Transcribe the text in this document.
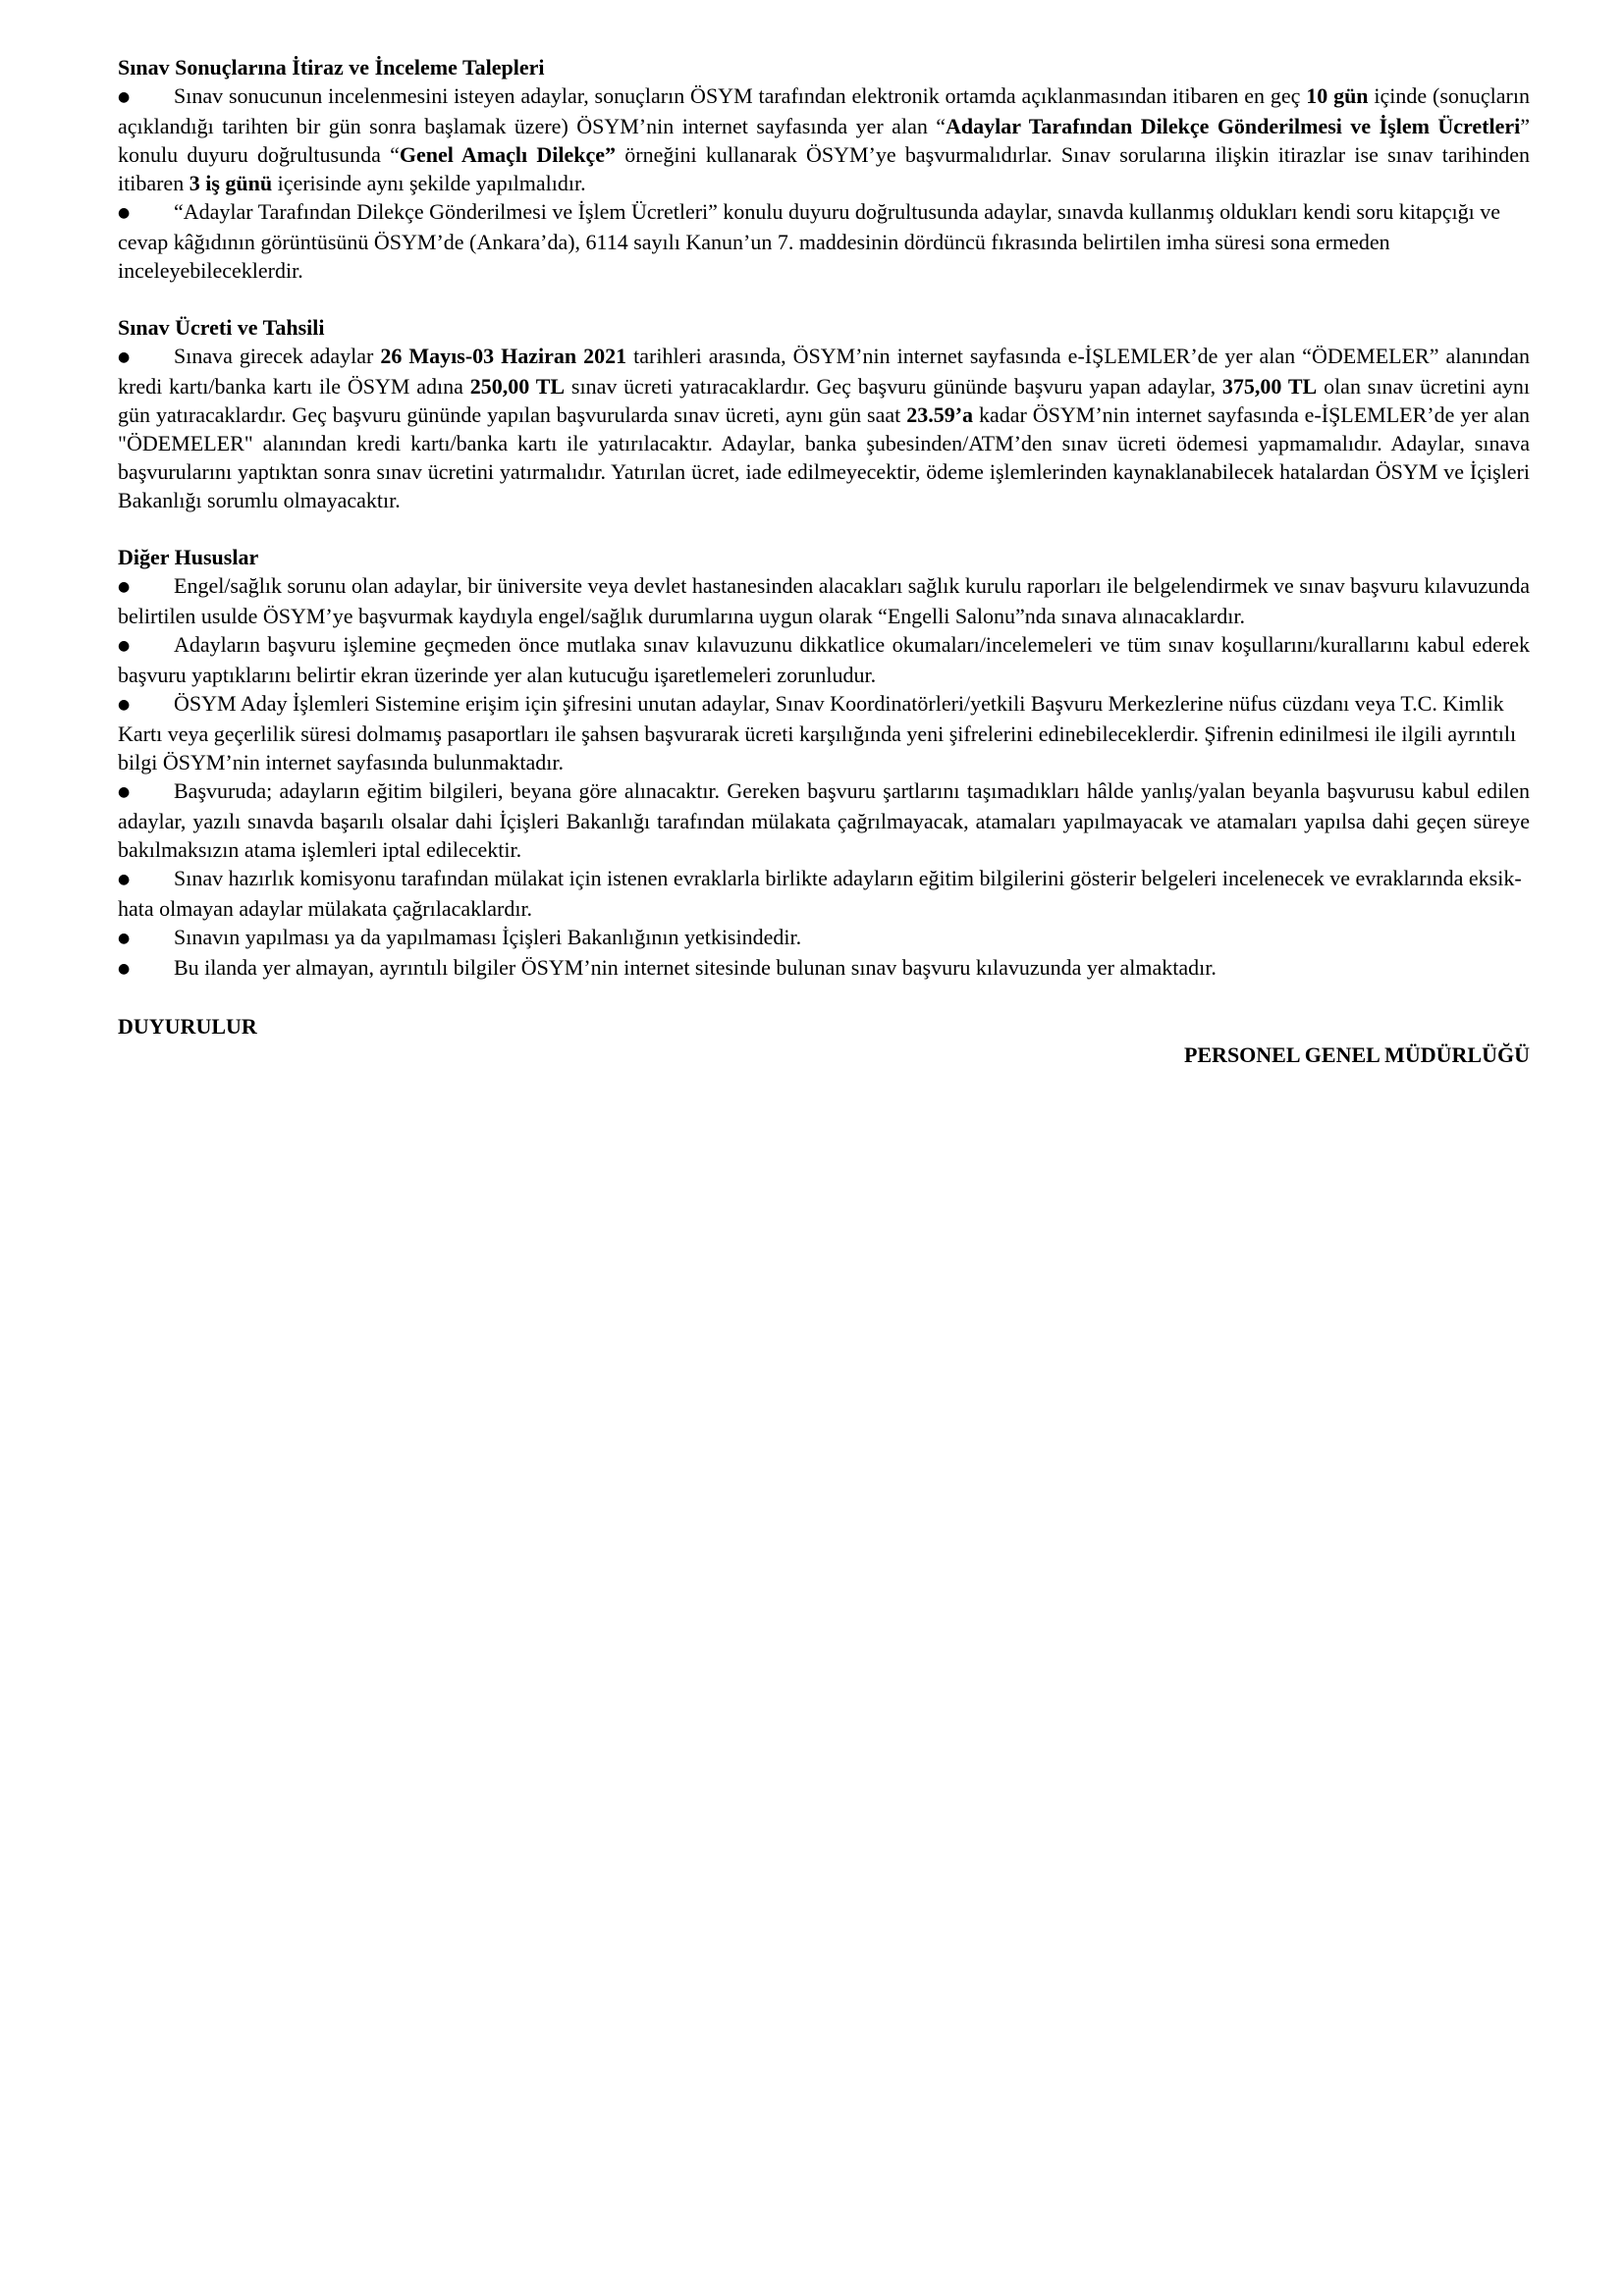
Sınav Sonuçlarına İtiraz ve İnceleme Talepleri

● Sınav sonucunun incelenmesini isteyen adaylar, sonuçların ÖSYM tarafından elektronik ortamda açıklanmasından itibaren en geç 10 gün içinde (sonuçların açıklandığı tarihten bir gün sonra başlamak üzere) ÖSYM’nin internet sayfasında yer alan “Adaylar Tarafından Dilekçe Gönderilmesi ve İşlem Ücretleri” konulu duyuru doğrultusunda “Genel Amaçlı Dilekçe” örneğini kullanarak ÖSYM’ye başvurmalıdırlar. Sınav sorularına ilişkin itirazlar ise sınav tarihinden itibaren 3 iş günü içerisinde aynı şekilde yapılmalıdır.

● “Adaylar Tarafından Dilekçe Gönderilmesi ve İşlem Ücretleri” konulu duyuru doğrultusunda adaylar, sınavda kullanmış oldukları kendi soru kitapçığı ve cevap kâğıdının görüntüsünü ÖSYM’de (Ankara’da), 6114 sayılı Kanun’un 7. maddesinin dördüncü fıkrasında belirtilen imha süresi sona ermeden inceleyebileceklerdir.

Sınav Ücreti ve Tahsili

● Sınava girecek adaylar 26 Mayıs-03 Haziran 2021 tarihleri arasında, ÖSYM’nin internet sayfasında e-İŞLEMLER’de yer alan “ÖDEMELER” alanından kredi kartı/banka kartı ile ÖSYM adına 250,00 TL sınav ücreti yatıracaklardır. Geç başvuru gününde başvuru yapan adaylar, 375,00 TL olan sınav ücretini aynı gün yatıracaklardır. Geç başvuru gününde yapılan başvurularda sınav ücreti, aynı gün saat 23.59’a kadar ÖSYM’nin internet sayfasında e-İŞLEMLER’de yer alan "ÖDEMELER" alanından kredi kartı/banka kartı ile yatırılacaktır. Adaylar, banka şubesinden/ATM’den sınav ücreti ödemesi yapmamalıdır. Adaylar, sınava başvurularını yaptıktan sonra sınav ücretini yatırmalıdır. Yatırılan ücret, iade edilmeyecektir, ödeme işlemlerinden kaynaklanabilecek hatalardan ÖSYM ve İçişleri Bakanlığı sorumlu olmayacaktır.

Diğer Hususlar

● Engel/sağlık sorunu olan adaylar, bir üniversite veya devlet hastanesinden alacakları sağlık kurulu raporları ile belgelendirmek ve sınav başvuru kılavuzunda belirtilen usulde ÖSYM’ye başvurmak kaydıyla engel/sağlık durumlarına uygun olarak “Engelli Salonu”nda sınava alınacaklardır.

● Adayların başvuru işlemine geçmeden önce mutlaka sınav kılavuzunu dikkatlice okumaları/incelemeleri ve tüm sınav koşullarını/kurallarını kabul ederek başvuru yaptıklarını belirtir ekran üzerinde yer alan kutucuğu işaretlemeleri zorunludur.

● ÖSYM Aday İşlemleri Sistemine erişim için şifresini unutan adaylar, Sınav Koordinatörleri/yetkili Başvuru Merkezlerine nüfus cüzdanı veya T.C. Kimlik Kartı veya geçerlilik süresi dolmamış pasaportları ile şahsen başvurarak ücreti karşılığında yeni şifrelerini edinebileceklerdir. Şifrenin edinilmesi ile ilgili ayrıntılı bilgi ÖSYM’nin internet sayfasında bulunmaktadır.

● Başvuruda; adayların eğitim bilgileri, beyana göre alınacaktır. Gereken başvuru şartlarını taşımadıkları hâlde yanlış/yalan beyanla başvurusu kabul edilen adaylar, yazılı sınavda başarılı olsalar dahi İçişleri Bakanlığı tarafından mülakata çağrılmayacak, atamaları yapılmayacak ve atamaları yapılsa dahi geçen süreye bakılmaksızın atama işlemleri iptal edilecektir.

● Sınav hazırlık komisyonu tarafından mülakat için istenen evraklarla birlikte adayların eğitim bilgilerini gösterir belgeleri incelenecek ve evraklarında eksik-hata olmayan adaylar mülakata çağrılacaklardır.

● Sınavın yapılması ya da yapılmaması İçişleri Bakanlığının yetkisindedir.

● Bu ilanda yer almayan, ayrıntılı bilgiler ÖSYM’nin internet sitesinde bulunan sınav başvuru kılavuzunda yer almaktadır.

DUYURULUR
PERSONEL GENEL MÜDÜRLÜĞÜ
